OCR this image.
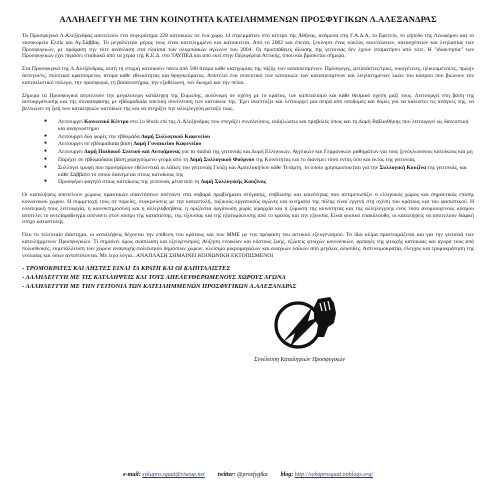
ΑΛΛΗΛΕΓΓΥΗ ΜΕ ΤΗΝ ΚΟΙΝΟΤΗΤΑ ΚΑΤΕΙΛΗΜΜΕΝΩΝ ΠΡΟΣΦΥΓΙΚΩΝ Λ.ΑΛΕΞΑΝΔΡΑΣ

Τα Προσφυγικά Λ.Αλεξάνδρας αποτελούν ένα συγκρότημα 228 κατοικιών σε ένα χώρο 14 στρεμμάτων στο κέντρο της Αθήνας, ανάμεσα στη Γ.Α.Δ.Α, το Εφετείο, το γήπεδο της Λεωφόρου και το νοσοκομείο Ελπίς και Αγ.Σάββας. Το μεγαλύτερο μέρος τους είναι κατειλημμένο και κατοικείται. Από το 2002 και έπειτα, ξεκίνησε ένας κύκλος εκκενώσεων, κατασχέσεων και λεηλασίας των Προσφυγικών, με πρόφαση την τότε ανάπλαση στα πλαίσια των ολυμπιακών αγώνων του 2004. Οι προσπάθειες άλωσης της γειτονιάς δεν έχουν σταματήσει από τότε. Η "ιδιοκτησία" των Προσφυγικών έχει περάσει σταδιακά από τα χέρια της Κ.Ε.Δ. στο ΤΑΥΠΕΔ και από εκεί στην Περιφέρεια Αττικής, όπου και βρίσκεται σήμερα.

Στα Προσφυγικά της Λ.Αλεξάνδρας, αυτή τη στιγμή κατοικούν πάνω από 500 άτομα κάθε κατηγορίας της τάξης των καταπιεσμένων. Πρόσφυγες, μετανάστες/τριες, οικογένειες, ηλικιωμένοι/ες, πρώην άστεγοι/ες, πολιτικοί κρατούμενοι, άτομα κάθε εθνικότητας και θρησκεύματος. Αποτελεί ένα συνεκτικό των κατοικιών των καταπιεσμένων και λεηλατημένων λαών του κόσμου που βιώνουν τον καπιταλιστικό πόλεμο, την προσφυγιά, τη βασανιστήρια, την εξαθλίωση, τον διωγμό και την πείνα.

Σήμερα τα Προσφυγικά αποτελούν την μεγαλύτερη κατάληψη της Ευρώπης, αυτόνομη σε σχέση με το κράτος, τον καπιταλισμό και κάθε θεσμικό σχέση μαζί τους. Λειτουργεί στη βάση της αυτοοργάνωσης και της συναπόφασης με εβδομαδιαία τακτική συνέλευση των κατοίκων της. Έχει αναπτύξει και λειτουργεί μια σειρά από υποδομές και δομές για να καλύπτει τις ανάγκες της, να βελτιώνει τη ζωή των καταληψιών κατοίκων της και να στηρίξει την αλληλεγγύη μεταξύ τους.

● Λειτουργεί Κοινωνικό Κέντρο στο 1o block επί της Λ.Αλεξάνδρας που στεγάζει συνελεύσεις, εκδηλώσεις και προβολές όπως και τη Δομή Βιβλιοθήκης που λειτουργεί ως δανειστική και αναγνωστήριο
● Λειτουργεί δύο φορές την εβδομάδα Δομή Συλλογικού Καφενείου
● Λειτουργεί σε εβδομαδιαία βάση Δομή Γυναικείου Καφενείου
● Λειτουργεί Δομή Παιδικού Σπιτιού και Αυτοάμυνας για τα παιδιά της γειτονιάς και Δομή Ελληνικών, Αγγλικών και Γερμανικών μαθημάτων για τους ξενόγλωσσους κατοίκους και μη
● Παρέχει σε εβδομαδιαία βάση χορηγούμενο γεύμα από τη Δομή Συλλογικού Φούρνου της Κοινότητας και το διανέμει τόσο εντός όσο και εκτός της γειτονιάς
● Συλλογεί τροφή που προσφέρουν εθελοντικά οι λαϊκές του γειτονιάς Γκύζη και Αμπελοκήπων κάθε Τετάρτη, το οποίο χρησιμοποιείται για την Συλλογική Κουζίνα της γειτονιάς, και κάθε Σάββατο το οποίο διανέμεται στους κατοίκους της
● Προσφέρει φαγητό στους κατοίκους της γειτονιάς μέσα από τη Δομή Συλλογικής Κουζίνας

Οι καταλήψεις αποτελούν χώρους πρακτικών απαντήσεων απέναντι στα σοβαρά προβλήματα στέγασης, επιβίωσης και κοινότητας που αντιμετωπίζει ο ελληνικός χώρος και σημαντικός επίσης κοινωνικού χώρου. Η συμμετοχή τους σε πορείες, συγκρούσεις με την καταστολή, ταξικούς-εργατικούς αγώνες και κινήματα της πόλης είναι εγγενή στη σχέση του κράτους και του φασιστικού. Η εσωτερική τους λειτουργία, η κοινοκτημοσύνη και η αλληλοβοήθεια, η οριζόντια οργάνωση χωρίς ιεραρχία και η ζύμωση της κοινότητας και της αλληλεγγύης ενός τόσο ανομοιογενούς κόσμου αποτελεί το αντιπαράδειγμα απέναντι στον κόσμο της καταπίεσης, της εξουσίας και της εξατομίκευσης από το κράτος και την εξουσία. Είναι φυσικό επακόλουθο, οι καταλήψεις να αποτελούν διαρκή στόχο καταστολής.

Όλο το τελευταίο διάστημα, οι καταλήψεις δέχονται την επίθεση του κράτους και των ΜΜΕ με την πρόφαση του αστικού εξευγενισμού. Το ίδιο κλίμα προετοιμάζεται και για την γειτονιά των κατειλημμένων Προσφυγικών. Τι σημαίνει όμως ανάπλαση και εξευγενισμός; Αύξηση ενοικίων και κόστους ζωής, εξώσεις φτωχών κοινωνικών, αρπαγές της φτωχής κατοικίας και αγορά τους από πολυεθνικές, εκμετάλλευση των χώρων αναψυχής-πολιτισμού δημόσιων χώρων, κλείσιμο μικρομαγαζιών και αναγκών λαϊκών από μεγάλες αλυσίδες. Αστυνομοκρατία, έλεγχος και τρομοκράτηση της νεολαίας και όσων αντιστέκονται. Με λίγα λόγια...ΑΝΑΠΛΑΣΗ ΣΗΜΑΙΝΕΙ ΚΟΙΝΩΝΙΚΗ ΕΚΤΟΠΙΣΜΕΝΟΙ

- ΤΡΟΜΟΚΡΑΤΕΣ ΚΑΙ ΛΗΣΤΕΣ ΕΙΝΑΙ ΤΑ ΚΡΑΤΗ ΚΑΙ ΟΙ ΚΑΠΙΤΑΛΙΣΤΕΣ
- ΑΛΛΗΛΕΓΓΥΗ ΜΕ ΤΙΣ ΚΑΤΑΛΗΨΕΙΣ ΚΑΙ ΤΟΥΣ ΑΠΕΛΕΥΘΕΡΩΜΕΝΟΥΣ ΧΩΡΟΥΣ ΑΓΩΝΑ
- ΑΛΛΗΛΕΓΓΥΗ ΜΕ ΤΗΝ ΓΕΙΤΟΝΙΑ ΤΩΝ ΚΑΤΕΙΛΗΜΜΕΝΩΝ ΠΡΟΣΦΥΓΙΚΩΝ Λ.ΑΛΕΞΑΝΔΡΑΣ
Συνέλευση Καταληψιών Προσφυγικών
e-mail: sykapro.squat@riseup.net twitter: @prosfygika blog: http://sykaprosquat.noblogs.org/
